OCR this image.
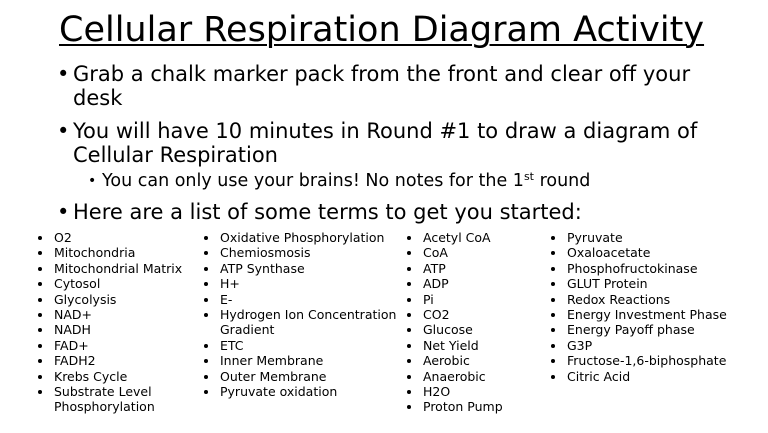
Cellular Respiration Diagram Activity
• Grab a chalk marker pack from the front and clear off your desk
• You will have 10 minutes in Round #1 to draw a diagram of Cellular Respiration
• You can only use your brains! No notes for the 1st round
• Here are a list of some terms to get you started:
O2
Mitochondria
Mitochondrial Matrix
Cytosol
Glycolysis
NAD+
NADH
FAD+
FADH2
Krebs Cycle
Substrate Level Phosphorylation
Oxidative Phosphorylation
Chemiosmosis
ATP Synthase
H+
E-
Hydrogen Ion Concentration Gradient
ETC
Inner Membrane
Outer Membrane
Pyruvate oxidation
Acetyl CoA
CoA
ATP
ADP
Pi
CO2
Glucose
Net Yield
Aerobic
Anaerobic
H2O
Proton Pump
Pyruvate
Oxaloacetate
Phosphofructokinase
GLUT Protein
Redox Reactions
Energy Investment Phase
Energy Payoff phase
G3P
Fructose-1,6-biphosphate
Citric Acid
